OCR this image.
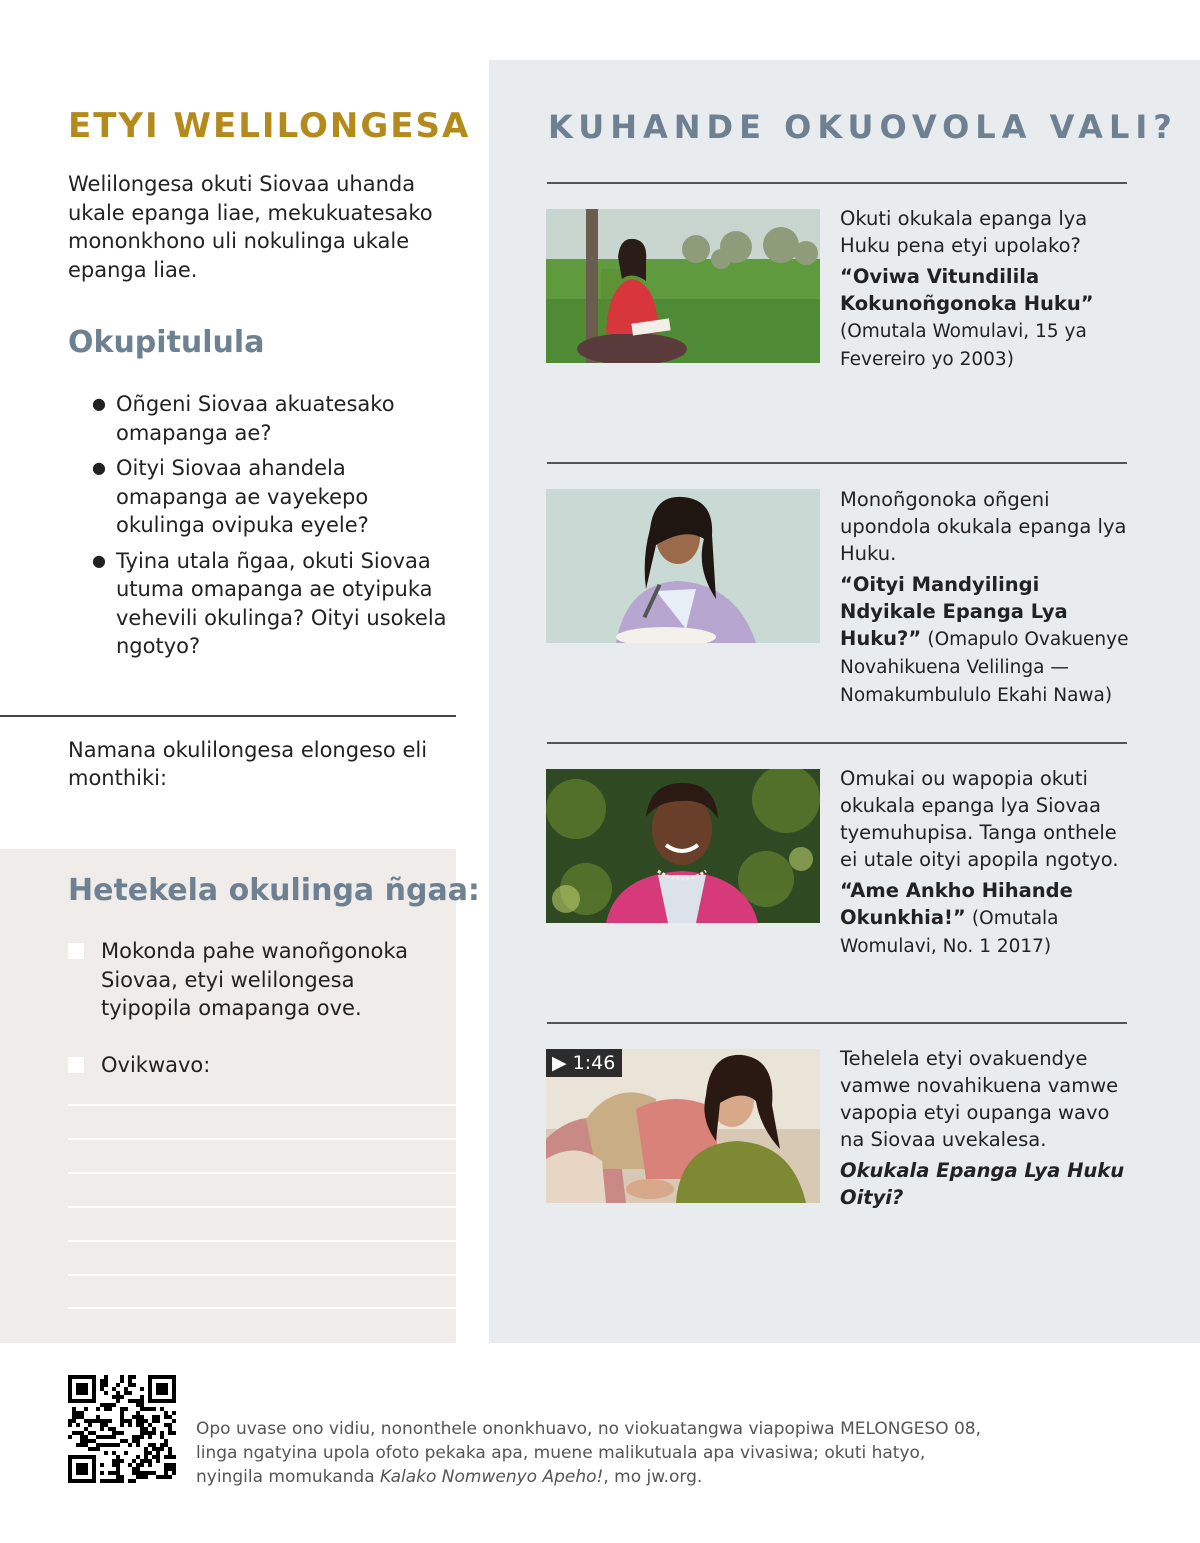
ETYI WELILONGESA
Welilongesa okuti Siovaa uhanda ukale epanga liae, mekukuatesako mononkhono uli nokulinga ukale epanga liae.
Okupitulula
● Oñgeni Siovaa akuatesako omapanga ae?
● Oityi Siovaa ahandela omapanga ae vayekepo okulinga ovipuka eyele?
● Tyina utala ñgaa, okuti Siovaa utuma omapanga ae otyipuka vehevili okulinga? Oityi usokela ngotyo?
Namana okulilongesa elongeso eli monthiki:
Hetekela okulinga ñgaa:
Mokonda pahe wanoñgonoka Siovaa, etyi welilongesa tyipopila omapanga ove.
Ovikwavo:
KUHANDE OKUOVOLA VALI?

Okuti okukala epanga lya Huku pena etyi upolako?

“Oviwa Vitundilila Kokunoñgonoka Huku” (Omutala Womulavi, 15 ya Fevereiro yo 2003)

Monoñgonoka oñgeni upondola okukala epanga lya Huku.

“Oityi Mandyilingi Ndyikale Epanga Lya Huku?” (Omapulo Ovakuenye Novahikuena Velilinga — Nomakumbululo Ekahi Nawa)

Omukai ou wapopia okuti okukala epanga lya Siovaa tyemuhupisa. Tanga onthele ei utale oityi apopila ngotyo.

“Ame Ankho Hihande Okunkhia!” (Omutala Womulavi, No. 1 2017)

▶ 1:46	Tehelela etyi ovakuendye vamwe novahikuena vamwe vapopia etyi oupanga wavo na Siovaa uvekalesa.

Okukala Epanga Lya Huku Oityi?

Opo uvase ono vidiu, nononthele ononkhuavo, no viokuatangwa viapopiwa MELONGESO 08, linga ngatyina upola ofoto pekaka apa, muene malikutuala apa vivasiwa; okuti hatyo, nyingila momukanda Kalako Nomwenyo Apeho!, mo jw.org.
